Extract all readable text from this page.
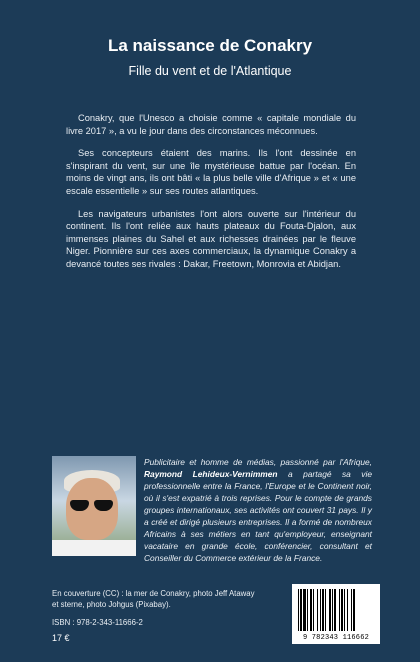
La naissance de Conakry
Fille du vent et de l'Atlantique

Conakry, que l'Unesco a choisie comme « capitale mondiale du livre 2017 », a vu le jour dans des circonstances méconnues.

Ses concepteurs étaient des marins. Ils l'ont dessinée en s'inspirant du vent, sur une île mystérieuse battue par l'océan. En moins de vingt ans, ils ont bâti « la plus belle ville d'Afrique » et « une escale essentielle » sur ses routes atlantiques.

Les navigateurs urbanistes l'ont alors ouverte sur l'intérieur du continent. Ils l'ont reliée aux hauts plateaux du Fouta-Djalon, aux immenses plaines du Sahel et aux richesses drainées par le fleuve Niger. Pionnière sur ces axes commerciaux, la dynamique Conakry a devancé toutes ses rivales : Dakar, Freetown, Monrovia et Abidjan.

Publicitaire et homme de médias, passionné par l'Afrique, Raymond Lehideux-Vernimmen a partagé sa vie professionnelle entre la France, l'Europe et le Continent noir, où il s'est expatrié à trois reprises. Pour le compte de grands groupes internationaux, ses activités ont couvert 31 pays. Il y a créé et dirigé plusieurs entreprises. Il a formé de nombreux Africains à ses métiers en tant qu'employeur, enseignant vacataire en grande école, conférencier, consultant et Conseiller du Commerce extérieur de la France.
En couverture (CC) : la mer de Conakry, photo Jeff Ataway et sterne, photo Johgus (Pixabay).
ISBN : 978-2-343-11666-2
17 €	9 782343 116662
